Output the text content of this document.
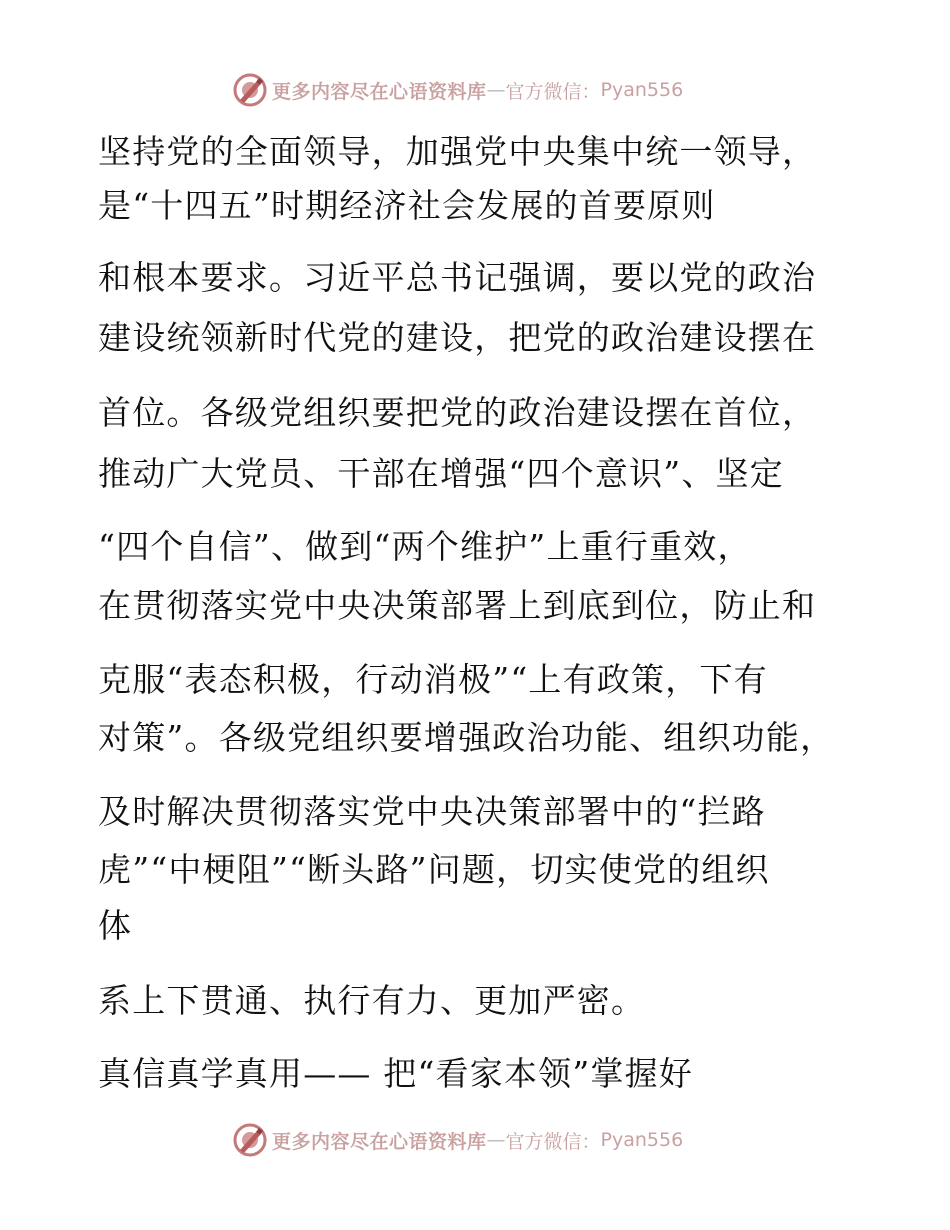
更多内容尽在心语资料库 — 官方微信： Pyan556
坚持党的全面领导，加强党中央集中统一领导，
是“十四五”时期经济社会发展的首要原则
和根本要求。习近平总书记强调，要以党的政治
建设统领新时代党的建设，把党的政治建设摆在
首位。各级党组织要把党的政治建设摆在首位，
推动广大党员、干部在增强“四个意识”、坚定
“四个自信”、做到“两个维护”上重行重效，
在贯彻落实党中央决策部署上到底到位，防止和
克服“表态积极，行动消极”“上有政策，下有
对策”。各级党组织要增强政治功能、组织功能，
及时解决贯彻落实党中央决策部署中的“拦路
虎”“中梗阻”“断头路”问题，切实使党的组织
体
系上下贯通、执行有力、更加严密。
真信真学真用—— 把“看家本领”掌握好
更多内容尽在心语资料库 — 官方微信： Pyan556
